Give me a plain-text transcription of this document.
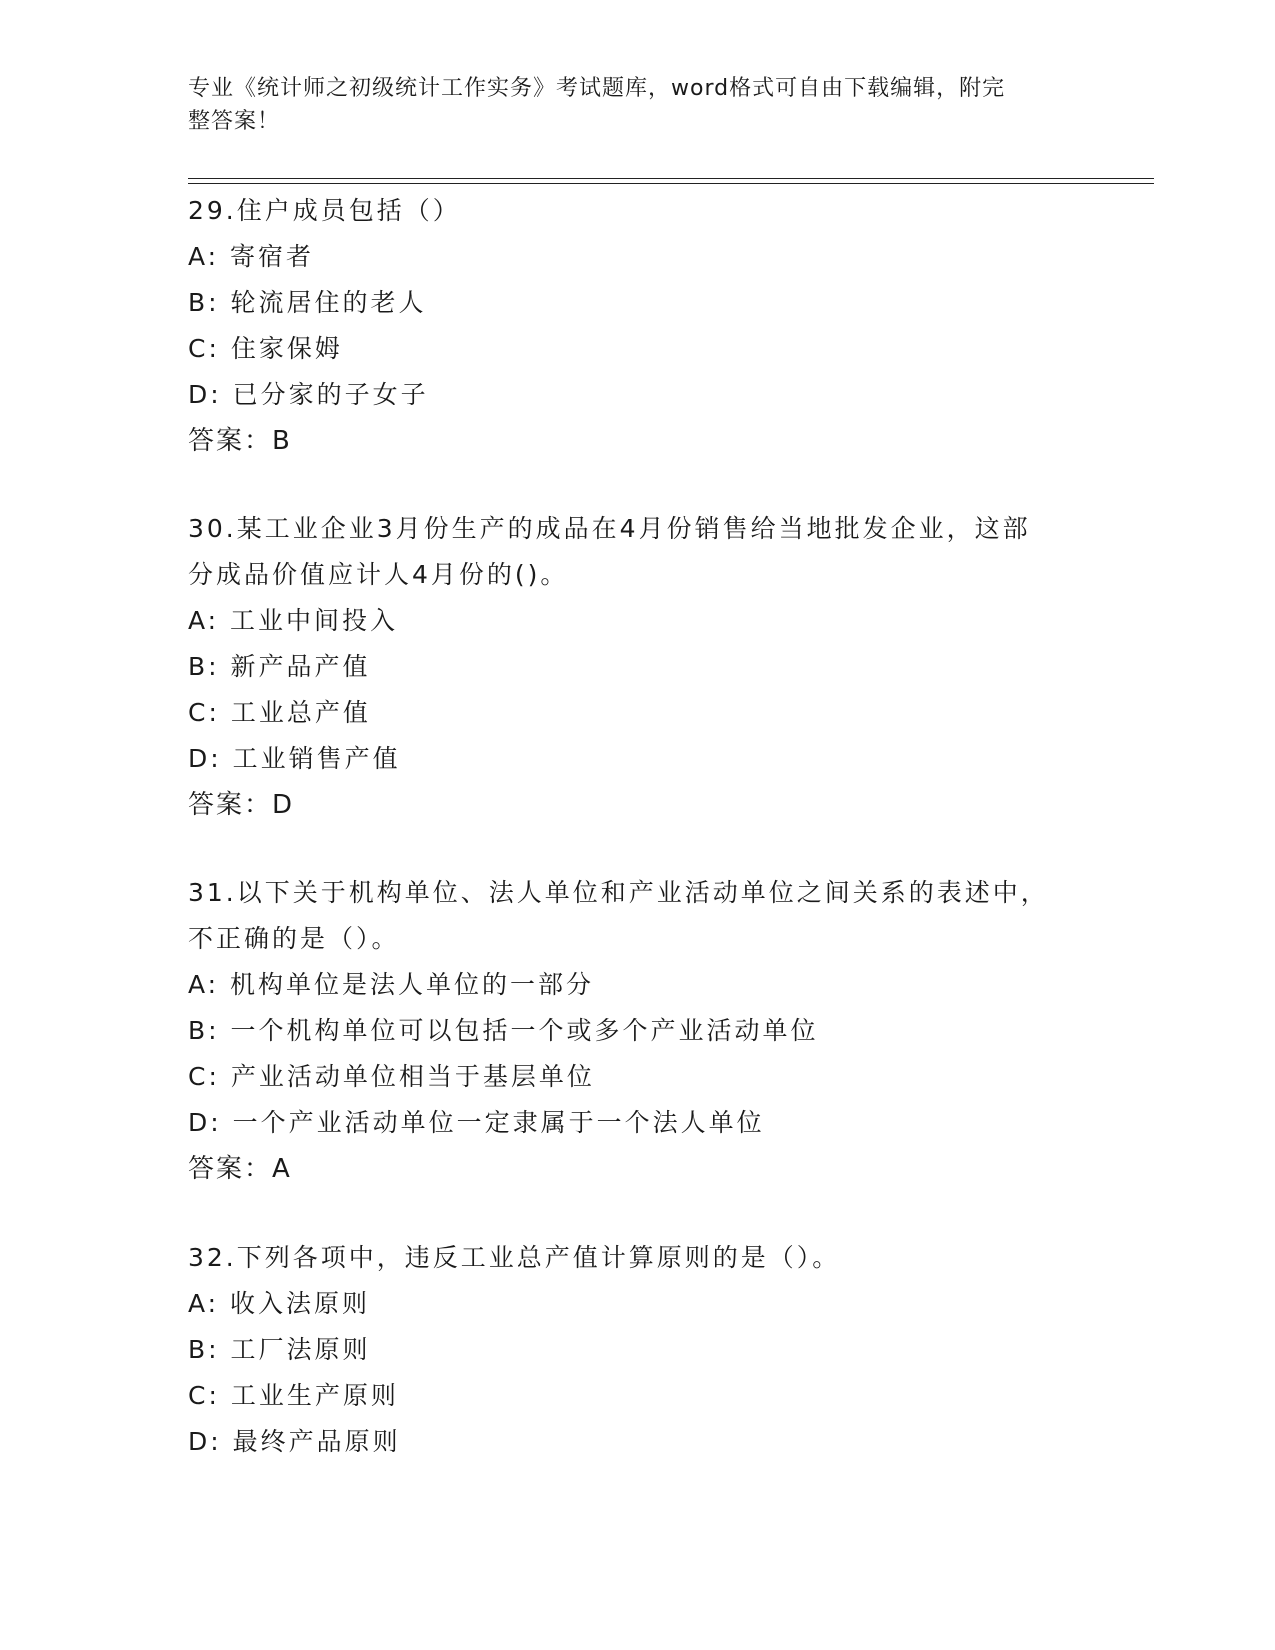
专业《统计师之初级统计工作实务》考试题库，word格式可自由下载编辑，附完
整答案！
29.住户成员包括（）
A: 寄宿者
B: 轮流居住的老人
C: 住家保姆
D: 已分家的子女子
答案：B
30.某工业企业3月份生产的成品在4月份销售给当地批发企业，这部
分成品价值应计人4月份的()。
A: 工业中间投入
B: 新产品产值
C: 工业总产值
D: 工业销售产值
答案：D
31.以下关于机构单位、法人单位和产业活动单位之间关系的表述中，
不正确的是（）。
A: 机构单位是法人单位的一部分
B: 一个机构单位可以包括一个或多个产业活动单位
C: 产业活动单位相当于基层单位
D: 一个产业活动单位一定隶属于一个法人单位
答案：A
32.下列各项中，违反工业总产值计算原则的是（）。
A: 收入法原则
B: 工厂法原则
C: 工业生产原则
D: 最终产品原则
